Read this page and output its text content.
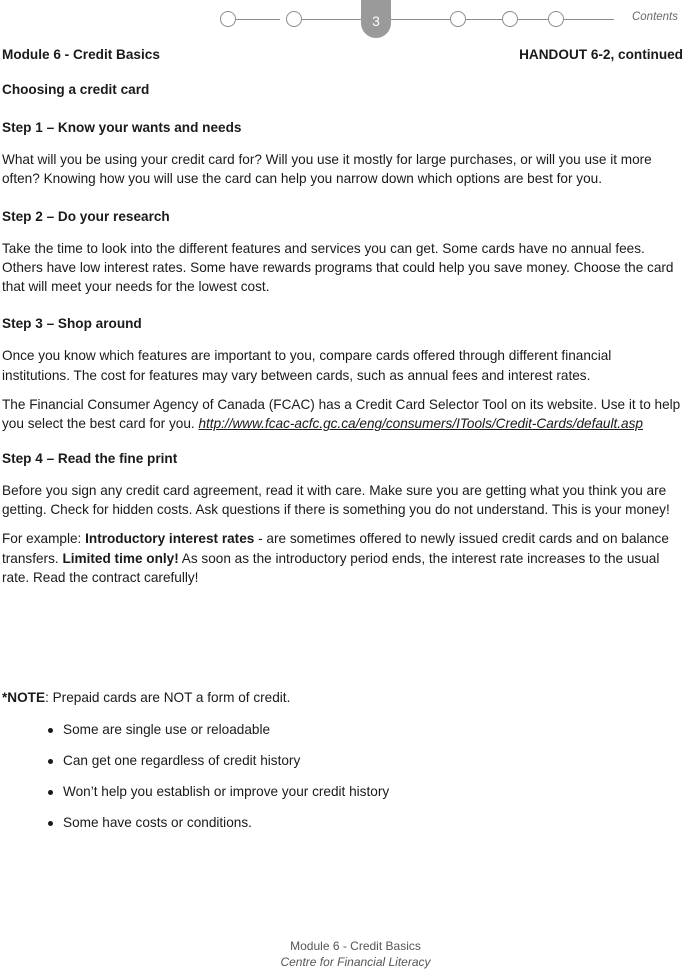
3	Contents
Module 6 - Credit Basics	HANDOUT 6-2, continued
Choosing a credit card
Step 1 – Know your wants and needs

What will you be using your credit card for? Will you use it mostly for large purchases, or will you use it more often? Knowing how you will use the card can help you narrow down which options are best for you.

Step 2 – Do your research

Take the time to look into the different features and services you can get. Some cards have no annual fees. Others have low interest rates. Some have rewards programs that could help you save money. Choose the card that will meet your needs for the lowest cost.

Step 3 – Shop around

Once you know which features are important to you, compare cards offered through different financial institutions. The cost for features may vary between cards, such as annual fees and interest rates.

The Financial Consumer Agency of Canada (FCAC) has a Credit Card Selector Tool on its website. Use it to help you select the best card for you. http://www.fcac-acfc.gc.ca/eng/consumers/ITools/Credit-Cards/default.asp

Step 4 – Read the fine print

Before you sign any credit card agreement, read it with care. Make sure you are getting what you think you are getting. Check for hidden costs. Ask questions if there is something you do not understand. This is your money!

For example: Introductory interest rates - are sometimes offered to newly issued credit cards and on balance transfers. Limited time only! As soon as the introductory period ends, the interest rate increases to the usual rate. Read the contract carefully!

*NOTE: Prepaid cards are NOT a form of credit.

Some are single use or reloadable
Can get one regardless of credit history
Won’t help you establish or improve your credit history
Some have costs or conditions.
Module 6 - Credit Basics
Centre for Financial Literacy
